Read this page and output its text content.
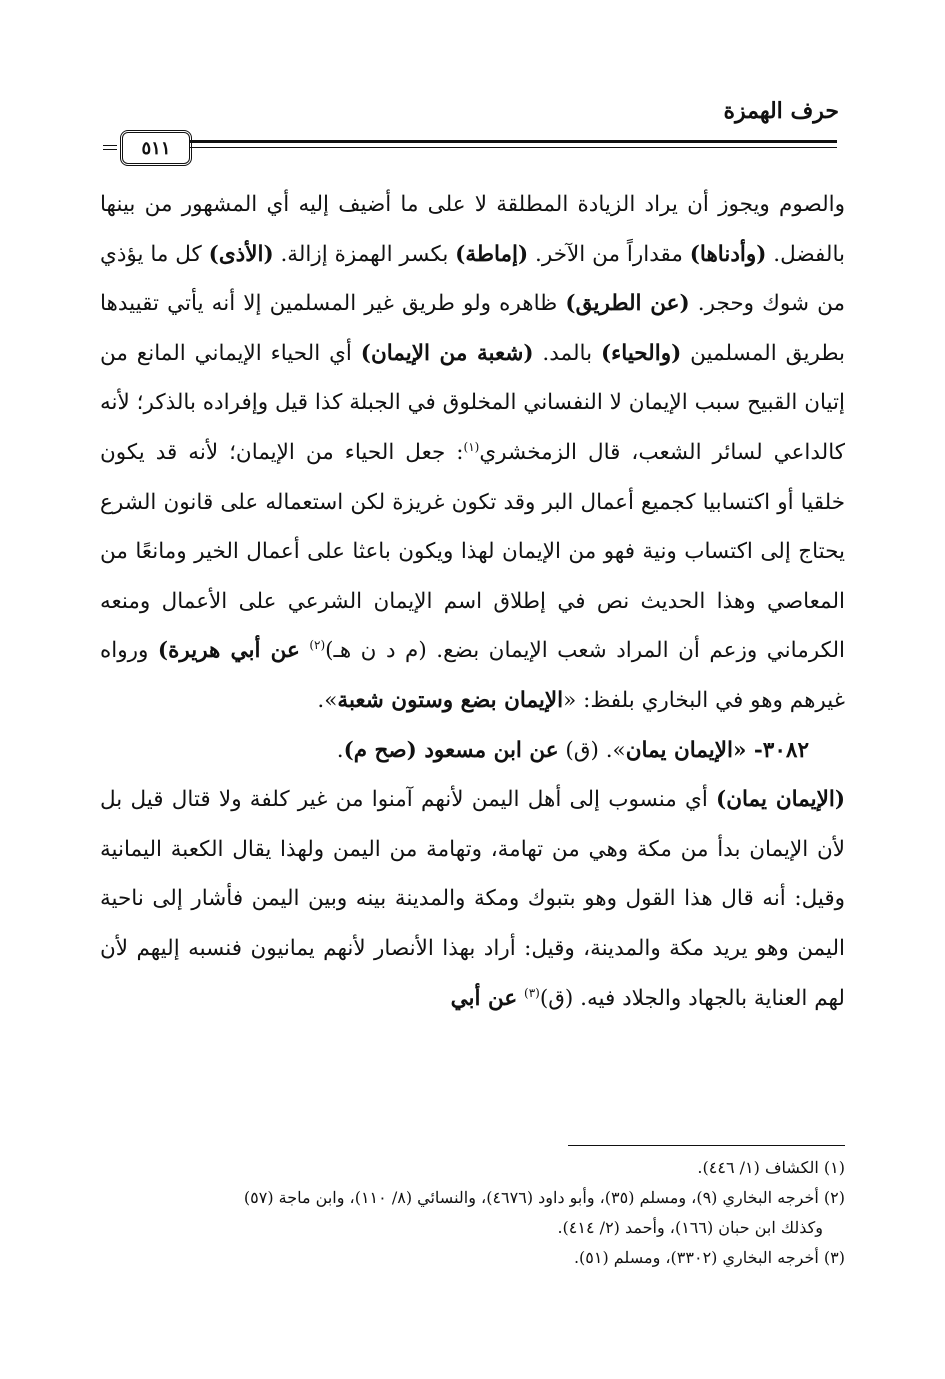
حرف الهمزة
٥١١

والصوم ويجوز أن يراد الزيادة المطلقة لا على ما أضيف إليه أي المشهور من بينها بالفضل. (وأدناها) مقداراً من الآخر. (إماطة) بكسر الهمزة إزالة. (الأذى) كل ما يؤذي من شوك وحجر. (عن الطريق) ظاهره ولو طريق غير المسلمين إلا أنه يأتي تقييدها بطريق المسلمين (والحياء) بالمد. (شعبة من الإيمان) أي الحياء الإيماني المانع من إتيان القبيح سبب الإيمان لا النفساني المخلوق في الجبلة كذا قيل وإفراده بالذكر؛ لأنه كالداعي لسائر الشعب، قال الزمخشري$^{(١)}$: جعل الحياء من الإيمان؛ لأنه قد يكون خلقيا أو اكتسابيا كجميع أعمال البر وقد تكون غريزة لكن استعماله على قانون الشرع يحتاج إلى اكتساب ونية فهو من الإيمان لهذا ويكون باعثا على أعمال الخير ومانعًا من المعاصي وهذا الحديث نص في إطلاق اسم الإيمان الشرعي على الأعمال ومنعه الكرماني وزعم أن المراد شعب الإيمان بضع. (م د ن هـ)$^{(٢)}$ عن أبي هريرة) ورواه غيرهم وهو في البخاري بلفظ: «الإيمان بضع وستون شعبة».

٣٠٨٢- «الإيمان يمان». (ق) عن ابن مسعود (صح م).

(الإيمان يمان) أي منسوب إلى أهل اليمن لأنهم آمنوا من غير كلفة ولا قتال قيل بل لأن الإيمان بدأ من مكة وهي من تهامة، وتهامة من اليمن ولهذا يقال الكعبة اليمانية وقيل: أنه قال هذا القول وهو بتبوك ومكة والمدينة بينه وبين اليمن فأشار إلى ناحية اليمن وهو يريد مكة والمدينة، وقيل: أراد بهذا الأنصار لأنهم يمانيون فنسبه إليهم لأن لهم العناية بالجهاد والجلاد فيه. (ق)$^{(٣)}$ عن أبي

(١) الكشاف (١/ ٤٤٦).

(٢) أخرجه البخاري (٩)، ومسلم (٣٥)، وأبو داود (٤٦٧٦)، والنسائي (٨/ ١١٠)، وابن ماجة (٥٧)

وكذلك ابن حبان (١٦٦)، وأحمد (٢/ ٤١٤).

(٣) أخرجه البخاري (٣٣٠٢)، ومسلم (٥١).
